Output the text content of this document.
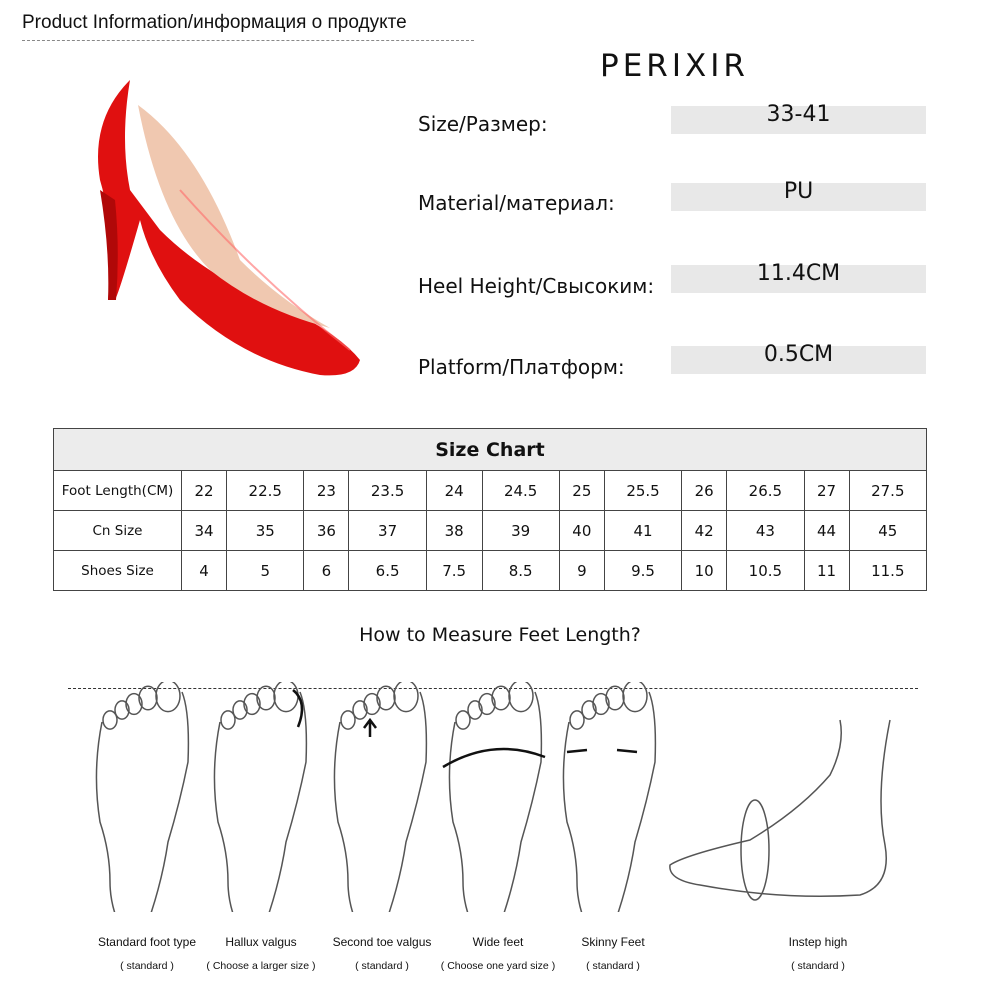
Product Information/информация о продукте
PERIXIR
Size/Размер:	33-41
Material/материал:	PU
Heel Height/Свысоким:	11.4CM
Platform/Платформ:	0.5CM
Size Chart												
Foot Length(CM)	22	22.5	23	23.5	24	24.5	25	25.5	26	26.5	27	27.5
Cn Size	34	35	36	37	38	39	40	41	42	43	44	45
Shoes Size	4	5	6	6.5	7.5	8.5	9	9.5	10	10.5	11	11.5
How to Measure Feet Length?
Standard foot type
( standard )
Hallux valgus
( Choose a larger size )
Second toe valgus
( standard )
Wide feet
( Choose one yard size )
Skinny Feet
( standard )
Instep high
( standard )
